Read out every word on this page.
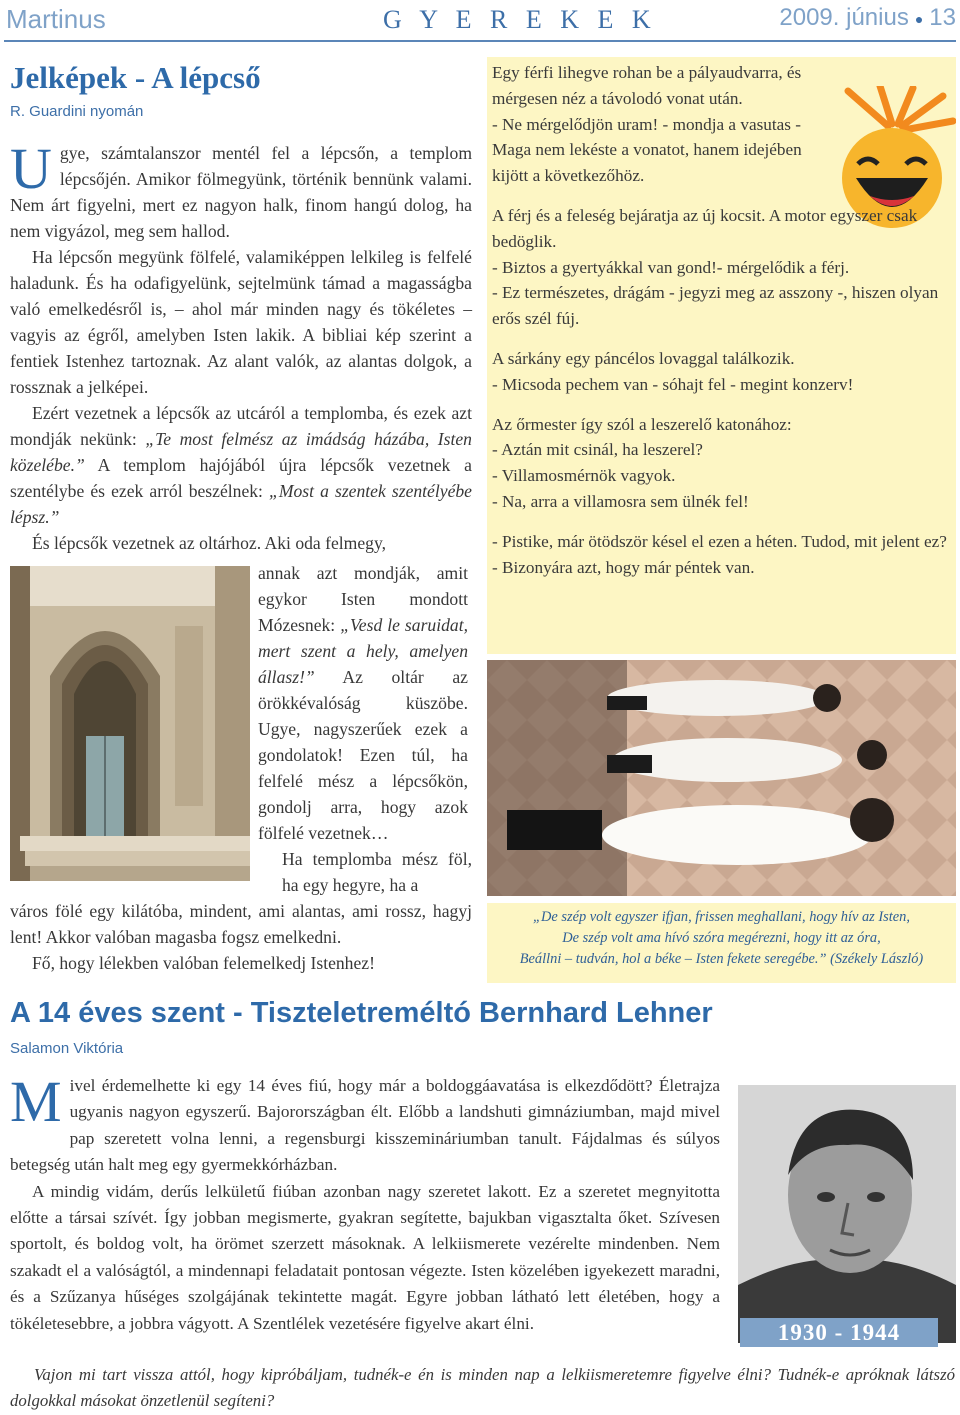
Martinus	G Y E R E K E K	2009. június ● 13
Jelképek - A lépcső
R. Guardini nyomán

Ugye, számtalanszor mentél fel a lépcsőn, a templom lépcsőjén. Amikor fölmegyünk, történik bennünk valami. Nem árt figyelni, mert ez nagyon halk, finom hangú dolog, ha nem vigyázol, meg sem hallod.

Ha lépcsőn megyünk fölfelé, valamiképpen lelkileg is felfelé haladunk. És ha odafigyelünk, sejtelmünk támad a magasságba való emelkedésről is, – ahol már minden nagy és tökéletes – vagyis az égről, amelyben Isten lakik. A bibliai kép szerint a fentiek Istenhez tartoznak. Az alant valók, az alantas dolgok, a rossznak a jelképei.

Ezért vezetnek a lépcsők az utcáról a templomba, és ezek azt mondják nekünk: „Te most felmész az imádság házába, Isten közelébe.” A templom hajójából újra lépcsők vezetnek a szentélybe és ezek arról beszélnek: „Most a szentek szentélyébe lépsz.”

És lépcsők vezetnek az oltárhoz. Aki oda felmegy,

annak azt mondják, amit egykor Isten mondott Mózesnek: „Vesd le saruidat, mert szent a hely, amelyen állasz!” Az oltár az örökkévalóság küszöbe. Ugye, nagyszerűek ezek a gondolatok! Ezen túl, ha felfelé mész a lépcsőkön, gondolj arra, hogy azok fölfelé vezetnek…

Ha templomba mész föl, ha egy hegyre, ha a

város fölé egy kilátóba, mindent, ami alantas, ami rossz, hagyj lent! Akkor valóban magasba fogsz emelkedni.

Fő, hogy lélekben valóban felemelkedj Istenhez!

Egy férfi lihegve rohan be a pályaudvarra, és mérgesen néz a távolodó vonat után.
- Ne mérgelődjön uram! - mondja a vasutas - Maga nem lekéste a vonatot, hanem idejében kijött a következőhöz.

A férj és a feleség bejáratja az új kocsit. A motor egyszer csak bedöglik.
- Biztos a gyertyákkal van gond!- mérgelődik a férj.
- Ez természetes, drágám - jegyzi meg az asszony -, hiszen olyan erős szél fúj.

A sárkány egy páncélos lovaggal találkozik.
- Micsoda pechem van - sóhajt fel - megint konzerv!

Az őrmester így szól a leszerelő katonához:
- Aztán mit csinál, ha leszerel?
- Villamosmérnök vagyok.
- Na, arra a villamosra sem ülnék fel!

- Pistike, már ötödször késel el ezen a héten. Tudod, mit jelent ez?
- Bizonyára azt, hogy már péntek van.

„De szép volt egyszer ifjan, frissen meghallani, hogy hív az Isten,
De szép volt ama hívó szóra megérezni, hogy itt az óra,
Beállni – tudván, hol a béke – Isten fekete seregébe.” (Székely László)
A 14 éves szent - Tiszteletreméltó Bernhard Lehner
Salamon Viktória

Mivel érdemelhette ki egy 14 éves fiú, hogy már a boldoggáavatása is elkezdődött? Életrajza ugyanis nagyon egyszerű. Bajorországban élt. Előbb a landshuti gimnáziumban, majd mivel pap szeretett volna lenni, a regensburgi kisszemináriumban tanult. Fájdalmas és súlyos betegség után halt meg egy gyermekkórházban.

A mindig vidám, derűs lelkületű fiúban azonban nagy szeretet lakott. Ez a szeretet megnyitotta előtte a társai szívét. Így jobban megismerte, gyakran segítette, bajukban vigasztalta őket. Szívesen sportolt, és boldog volt, ha örömet szerzett másoknak. A lelkiismerete vezérelte mindenben. Nem szakadt el a valóságtól, a mindennapi feladatait pontosan végezte. Isten közelében igyekezett maradni, és a Szűzanya hűséges szolgájának tekintette magát. Egyre jobban látható lett életében, hogy a tökéletesebbre, a jobbra vágyott. A Szentlélek vezetésére figyelve akart élni.	1930 - 1944
Vajon mi tart vissza attól, hogy kipróbáljam, tudnék-e én is minden nap a lelkiismeretemre figyelve élni? Tudnék-e apróknak látszó dolgokkal másokat önzetlenül segíteni?
